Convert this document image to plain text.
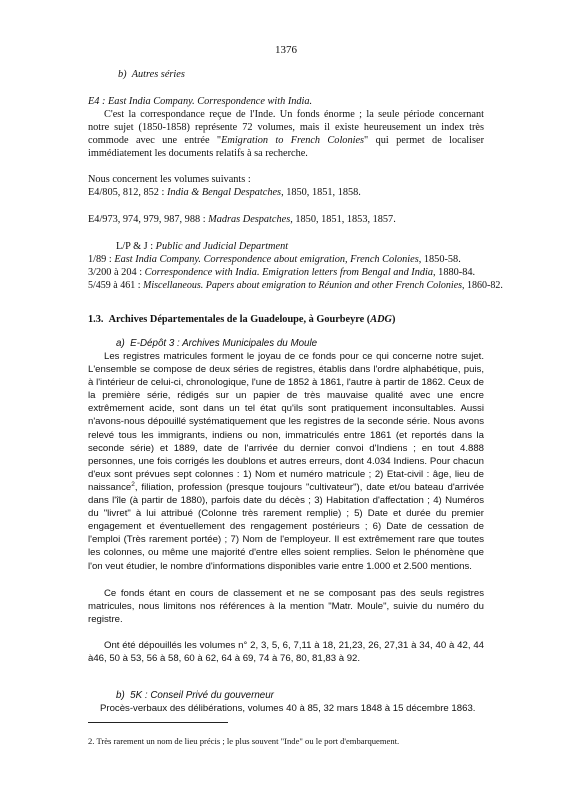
1376

b) Autres séries

E4 : East India Company. Correspondence with India.

C'est la correspondance reçue de l'Inde. Un fonds énorme ; la seule période concernant notre sujet (1850-1858) représente 72 volumes, mais il existe heureusement un index très commode avec une entrée "Emigration to French Colonies" qui permet de localiser immédiatement les documents relatifs à sa recherche.

Nous concernent les volumes suivants :

E4/805, 812, 852 : India & Bengal Despatches, 1850, 1851, 1858.

E4/973, 974, 979, 987, 988 : Madras Despatches, 1850, 1851, 1853, 1857.

L/P & J : Public and Judicial Department

1/89 : East India Company. Correspondence about emigration, French Colonies, 1850-58.

3/200 à 204 : Correspondence with India. Emigration letters from Bengal and India, 1880-84.

5/459 à 461 : Miscellaneous. Papers about emigration to Réunion and other French Colonies, 1860-82.

1.3. Archives Départementales de la Guadeloupe, à Gourbeyre (ADG)

a) E-Dépôt 3 : Archives Municipales du Moule

Les registres matricules forment le joyau de ce fonds pour ce qui concerne notre sujet. L'ensemble se compose de deux séries de registres, établis dans l'ordre alphabétique, puis, à l'intérieur de celui-ci, chronologique, l'une de 1852 à 1861, l'autre à partir de 1862. Ceux de la première série, rédigés sur un papier de très mauvaise qualité avec une encre extrêmement acide, sont dans un tel état qu'ils sont pratiquement inconsultables. Aussi n'avons-nous dépouillé systématiquement que les registres de la seconde série. Nous avons relevé tous les immigrants, indiens ou non, immatriculés entre 1861 (et reportés dans la seconde série) et 1889, date de l'arrivée du dernier convoi d'Indiens ; en tout 4.888 personnes, une fois corrigés les doublons et autres erreurs, dont 4.034 Indiens. Pour chacun d'eux sont prévues sept colonnes : 1) Nom et numéro matricule ; 2) Etat-civil : âge, lieu de naissance$^2$, filiation, profession (presque toujours "cultivateur"), date et/ou bateau d'arrivée dans l'île (à partir de 1880), parfois date du décès ; 3) Habitation d'affectation ; 4) Numéros du "livret" à lui attribué (Colonne très rarement remplie) ; 5) Date et durée du premier engagement et éventuellement des rengagement postérieurs ; 6) Date de cessation de l'emploi (Très rarement portée) ; 7) Nom de l'employeur. Il est extrêmement rare que toutes les colonnes, ou même une majorité d'entre elles soient remplies. Selon le phénomène que l'on veut étudier, le nombre d'informations disponibles varie entre 1.000 et 2.500 mentions.

Ce fonds étant en cours de classement et ne se composant pas des seuls registres matricules, nous limitons nos références à la mention "Matr. Moule", suivie du numéro du registre.

Ont été dépouillés les volumes n° 2, 3, 5, 6, 7,11 à 18, 21,23, 26, 27,31 à 34, 40 à 42, 44 à46, 50 à 53, 56 à 58, 60 à 62, 64 à 69, 74 à 76, 80, 81,83 à 92.

b) 5K : Conseil Privé du gouverneur

Procès-verbaux des délibérations, volumes 40 à 85, 32 mars 1848 à 15 décembre 1863.

2. Très rarement un nom de lieu précis ; le plus souvent "Inde" ou le port d'embarquement.
